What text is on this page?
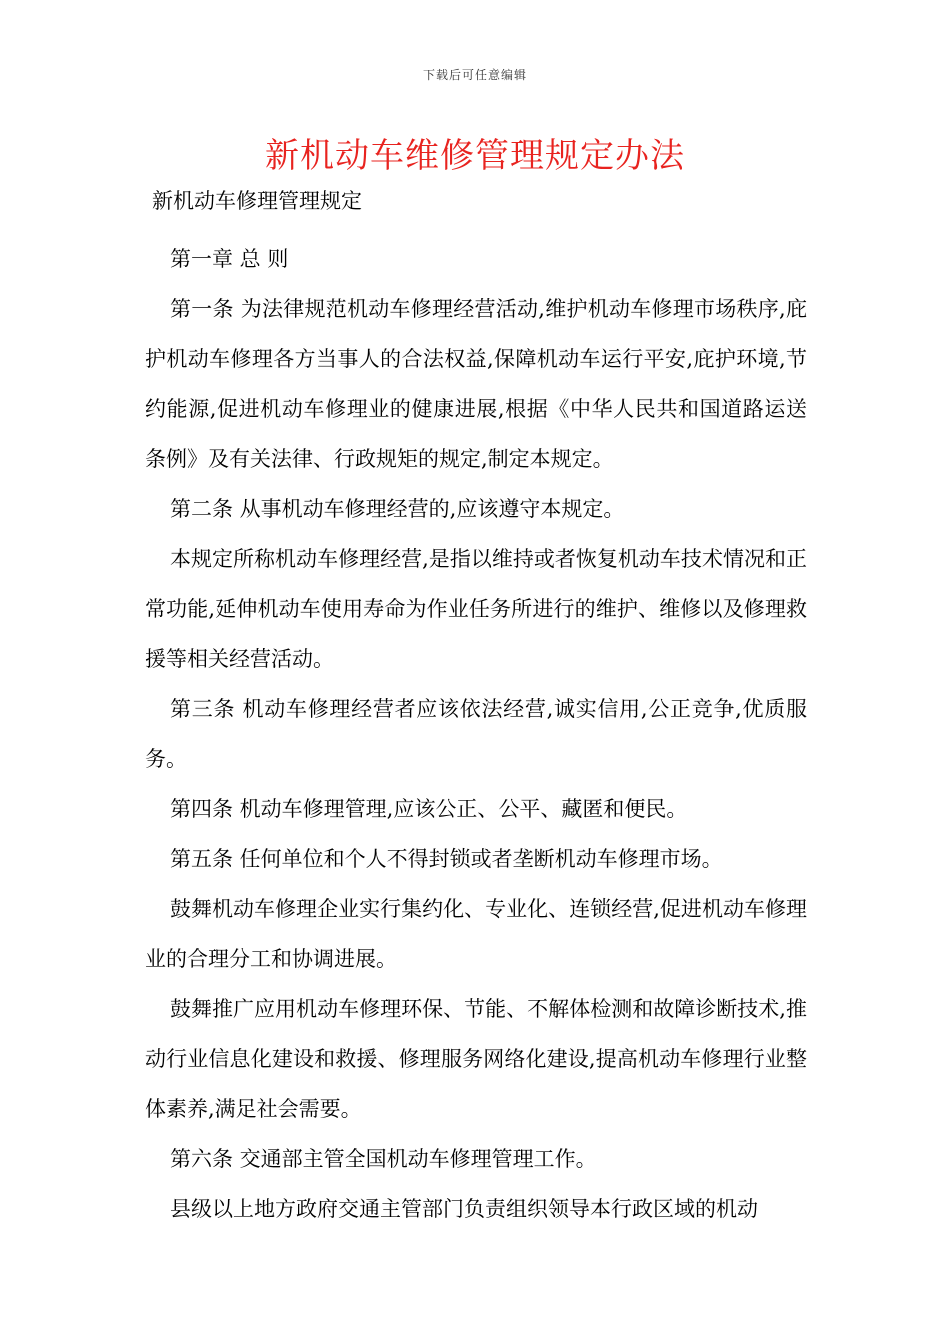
下载后可任意编辑
新机动车维修管理规定办法
新机动车修理管理规定

第一章 总 则

第一条 为法律规范机动车修理经营活动,维护机动车修理市场秩序,庇护机动车修理各方当事人的合法权益,保障机动车运行平安,庇护环境,节约能源,促进机动车修理业的健康进展,根据《中华人民共和国道路运送条例》及有关法律、行政规矩的规定,制定本规定。

第二条 从事机动车修理经营的,应该遵守本规定。

本规定所称机动车修理经营,是指以维持或者恢复机动车技术情况和正常功能,延伸机动车使用寿命为作业任务所进行的维护、维修以及修理救援等相关经营活动。

第三条 机动车修理经营者应该依法经营,诚实信用,公正竞争,优质服务。

第四条 机动车修理管理,应该公正、公平、藏匿和便民。

第五条 任何单位和个人不得封锁或者垄断机动车修理市场。

鼓舞机动车修理企业实行集约化、专业化、连锁经营,促进机动车修理业的合理分工和协调进展。

鼓舞推广应用机动车修理环保、节能、不解体检测和故障诊断技术,推动行业信息化建设和救援、修理服务网络化建设,提高机动车修理行业整体素养,满足社会需要。

第六条 交通部主管全国机动车修理管理工作。

县级以上地方政府交通主管部门负责组织领导本行政区域的机动
